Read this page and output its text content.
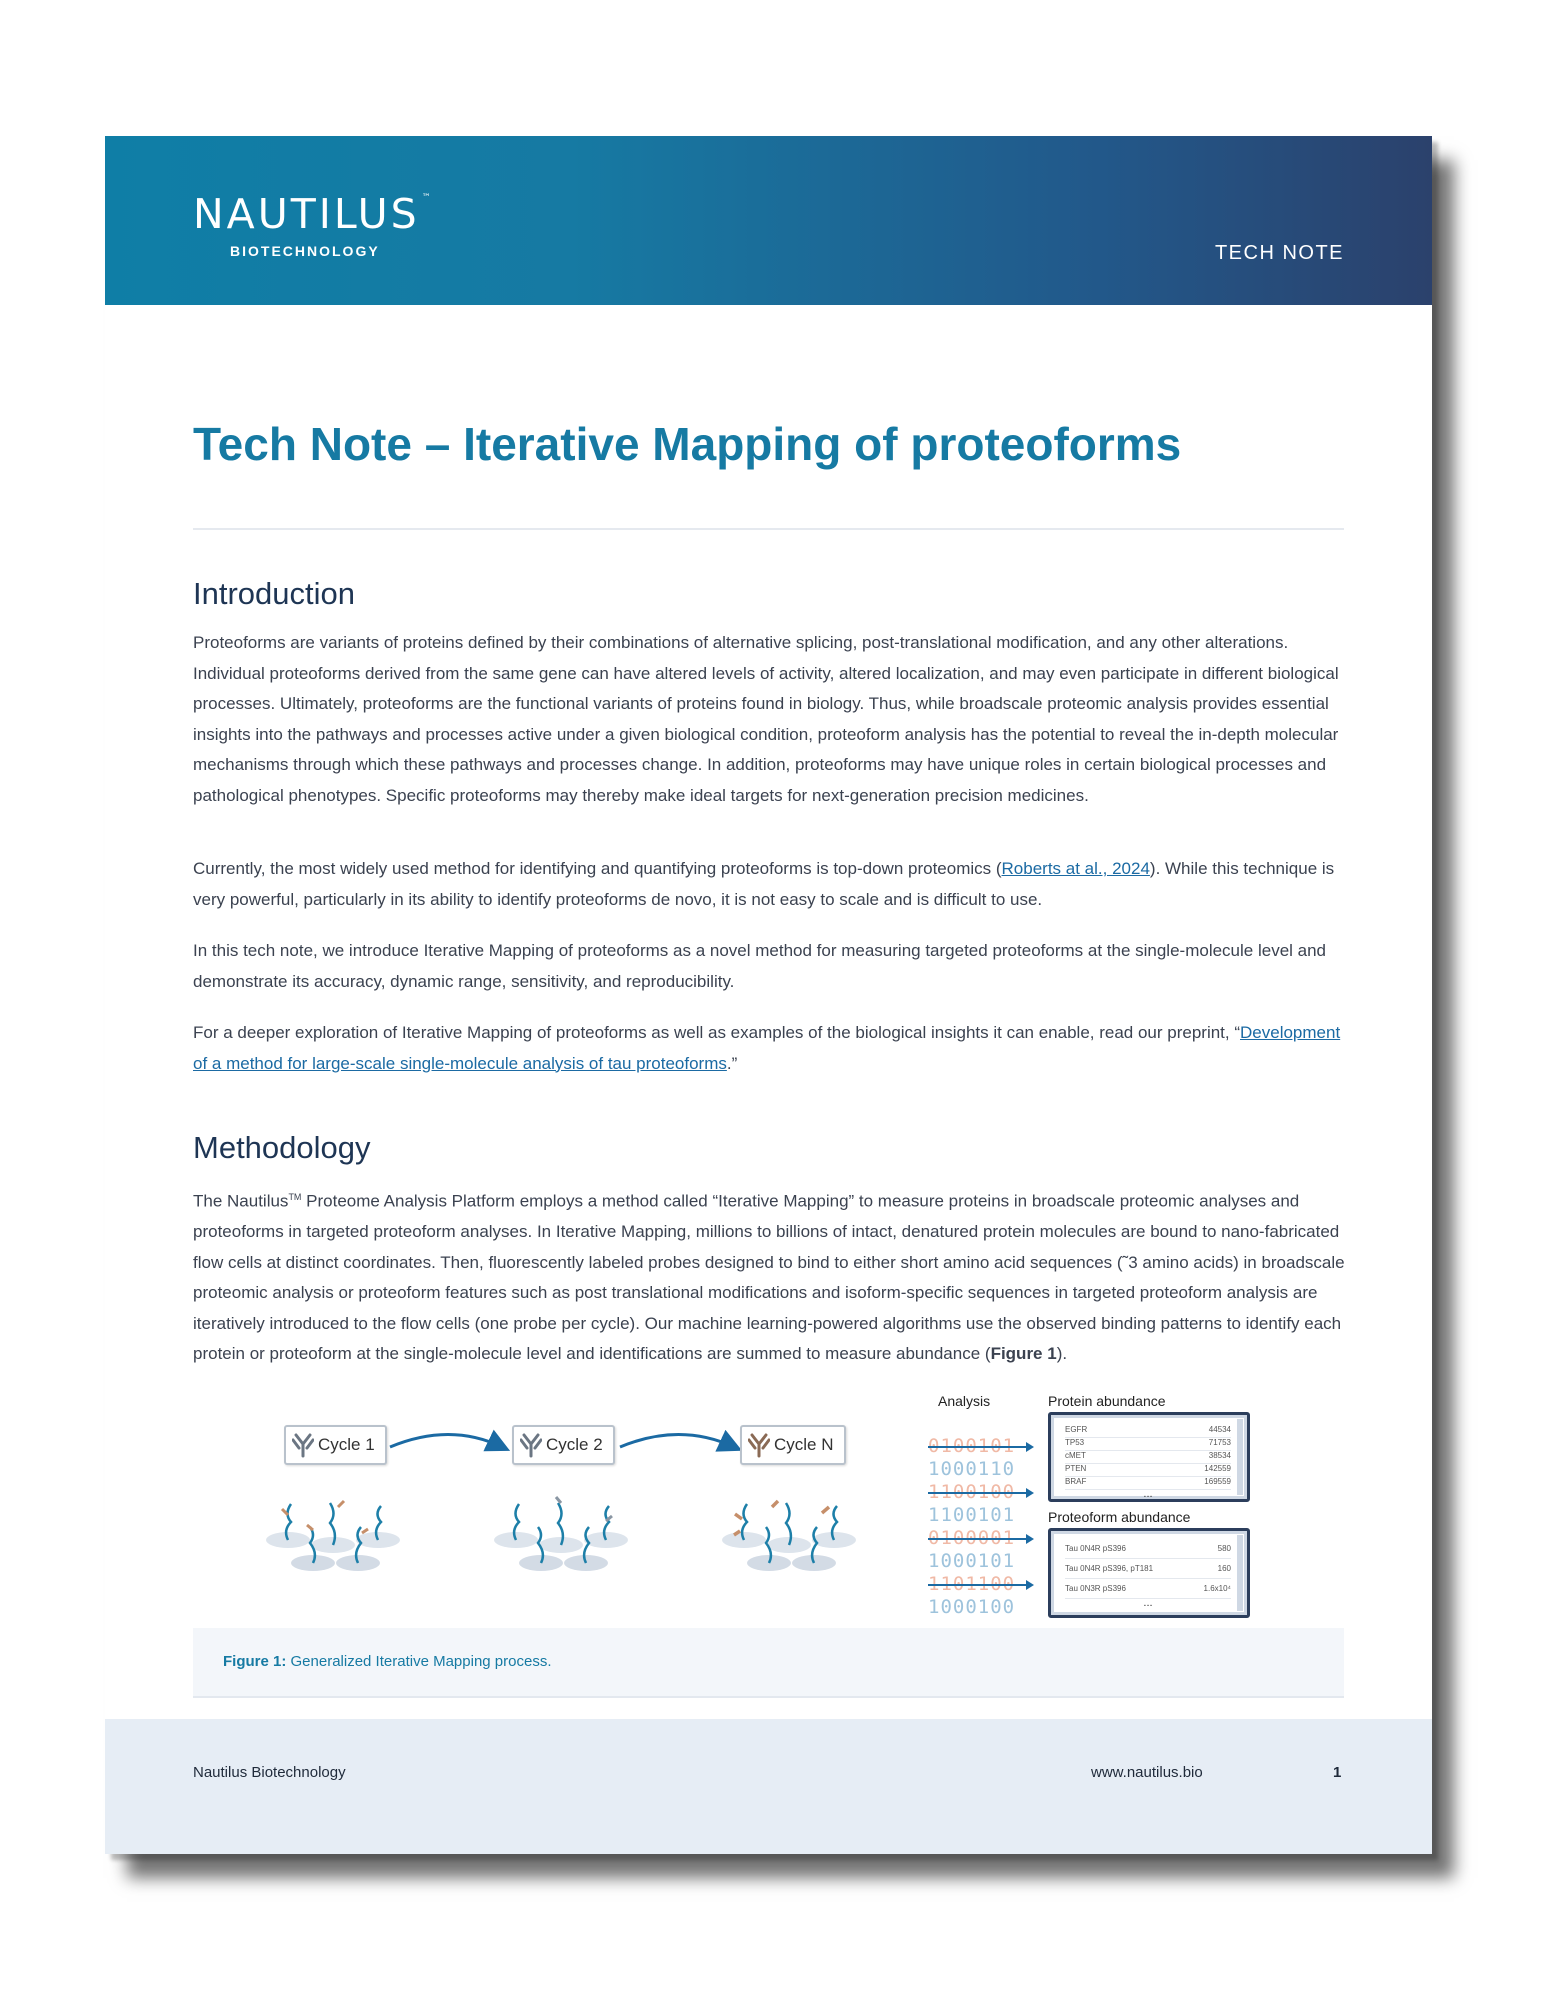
NAUTILUS ™
BIOTECHNOLOGY	TECH NOTE
Tech Note – Iterative Mapping of proteoforms
Introduction

Proteoforms are variants of proteins defined by their combinations of alternative splicing, post-translational modification, and any other alterations. Individual proteoforms derived from the same gene can have altered levels of activity, altered localization, and may even participate in different biological processes. Ultimately, proteoforms are the functional variants of proteins found in biology. Thus, while broadscale proteomic analysis provides essential insights into the pathways and processes active under a given biological condition, proteoform analysis has the potential to reveal the in-depth molecular mechanisms through which these pathways and processes change. In addition, proteoforms may have unique roles in certain biological processes and pathological phenotypes. Specific proteoforms may thereby make ideal targets for next-generation precision medicines.

Currently, the most widely used method for identifying and quantifying proteoforms is top-down proteomics (Roberts at al., 2024). While this technique is very powerful, particularly in its ability to identify proteoforms de novo, it is not easy to scale and is difficult to use.

In this tech note, we introduce Iterative Mapping of proteoforms as a novel method for measuring targeted proteoforms at the single-molecule level and demonstrate its accuracy, dynamic range, sensitivity, and reproducibility.

For a deeper exploration of Iterative Mapping of proteoforms as well as examples of the biological insights it can enable, read our preprint, “Development of a method for large-scale single-molecule analysis of tau proteoforms.”

Methodology

The Nautilus™ Proteome Analysis Platform employs a method called “Iterative Mapping” to measure proteins in broadscale proteomic analyses and proteoforms in targeted proteoform analyses. In Iterative Mapping, millions to billions of intact, denatured protein molecules are bound to nano-fabricated flow cells at distinct coordinates. Then, fluorescently labeled probes designed to bind to either short amino acid sequences (˜3 amino acids) in broadscale proteomic analysis or proteoform features such as post translational modifications and isoform-specific sequences in targeted proteoform analysis are iteratively introduced to the flow cells (one probe per cycle). Our machine learning-powered algorithms use the observed binding patterns to identify each protein or proteoform at the single-molecule level and identifications are summed to measure abundance (Figure 1).

Figure 1: Generalized Iterative Mapping process.
Nautilus Biotechnology	www.nautilus.bio	1
Cycle 1	Cycle 2	Cycle N
Analysis
0100101
1000110
1100100
1100101
0100001
1000101
1101100
1000100
Protein abundance
EGFR	44534
TP53	71753
cMET	38534
PTEN	142559
BRAF	169559
...
Proteoform abundance
Tau 0N4R pS396	580
Tau 0N4R pS396, pT181	160
Tau 0N3R pS396	1.6x10⁴
...
